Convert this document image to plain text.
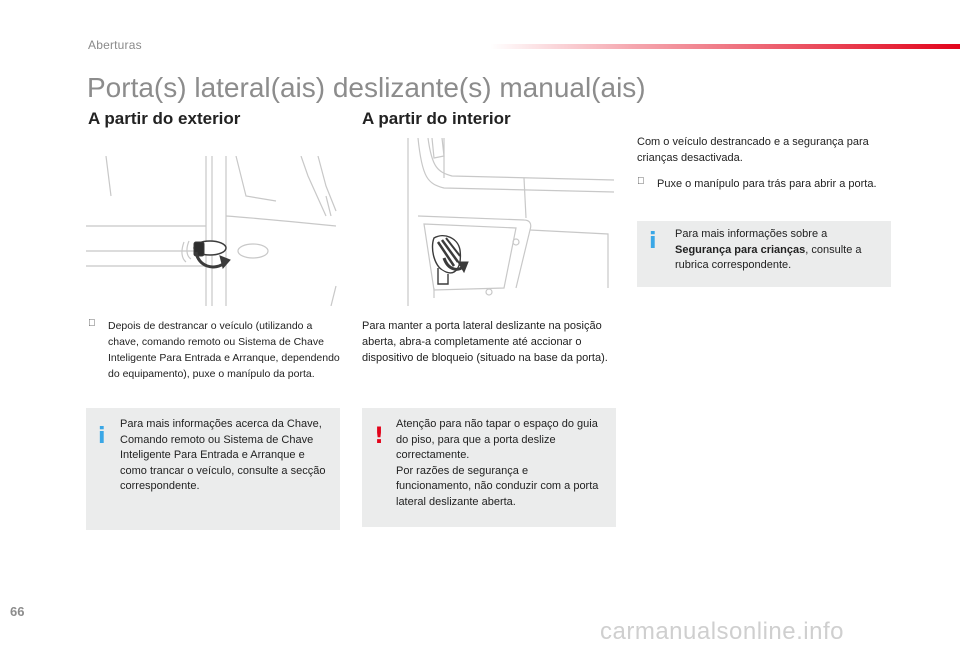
Aberturas
Porta(s) lateral(ais) deslizante(s) manual(ais)
A partir do exterior
Depois de destrancar o veículo (utilizando a chave, comando remoto ou Sistema de Chave Inteligente Para Entrada e Arranque, dependendo do equipamento), puxe o manípulo da porta.
i Para mais informações acerca da Chave, Comando remoto ou Sistema de Chave Inteligente Para Entrada e Arranque e como trancar o veículo, consulte a secção correspondente.
A partir do interior
Para manter a porta lateral deslizante na posição aberta, abra-a completamente até accionar o dispositivo de bloqueio (situado na base da porta).
! Atenção para não tapar o espaço do guia do piso, para que a porta deslize correctamente.
Por razões de segurança e funcionamento, não conduzir com a porta lateral deslizante aberta.
Com o veículo destrancado e a segurança para crianças desactivada.
Puxe o manípulo para trás para abrir a porta.
i Para mais informações sobre a Segurança para crianças, consulte a rubrica correspondente.
66
carmanualsonline.info
